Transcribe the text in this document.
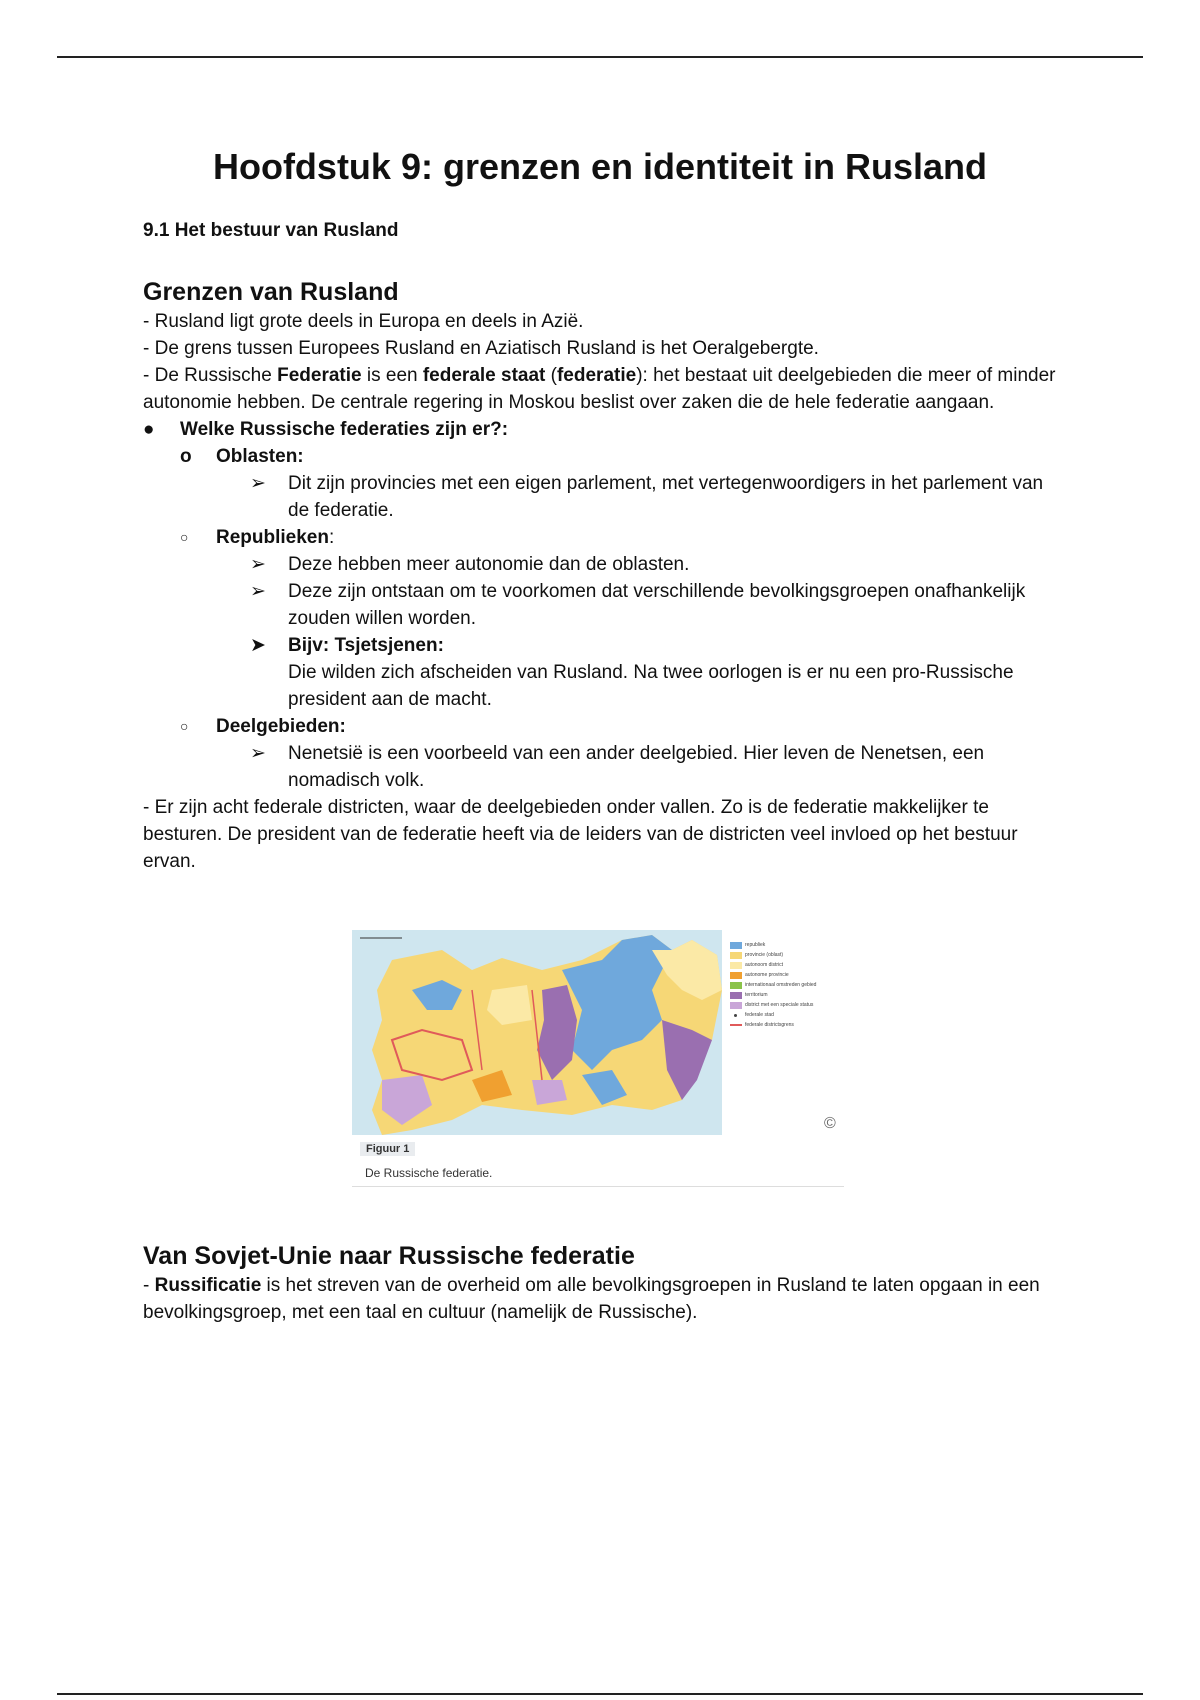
Hoofdstuk 9: grenzen en identiteit in Rusland
9.1 Het bestuur van Rusland
Grenzen van Rusland

- Rusland ligt grote deels in Europa en deels in Azië.

- De grens tussen Europees Rusland en Aziatisch Rusland is het Oeralgebergte.

- De Russische Federatie is een federale staat (federatie): het bestaat uit deelgebieden die meer of minder autonomie hebben. De centrale regering in Moskou beslist over zaken die de hele federatie aangaan.

● Welke Russische federaties zijn er?:
o Oblasten:
➢ Dit zijn provincies met een eigen parlement, met vertegenwoordigers in het parlement van de federatie.
○ Republieken:
➢ Deze hebben meer autonomie dan de oblasten.
➢ Deze zijn ontstaan om te voorkomen dat verschillende bevolkingsgroepen onafhankelijk zouden willen worden.
➤ Bijv: Tsjetsjenen:

Die wilden zich afscheiden van Rusland. Na twee oorlogen is er nu een pro-Russische president aan de macht.

○ Deelgebieden:
➢ Nenetsië is een voorbeeld van een ander deelgebied. Hier leven de Nenetsen, een nomadisch volk.

- Er zijn acht federale districten, waar de deelgebieden onder vallen. Zo is de federatie makkelijker te besturen. De president van de federatie heeft via de leiders van de districten veel invloed op het bestuur ervan.

republiek
provincie (oblast)
autonoom district
autonome provincie
internationaal omstreden gebied
territorium
district met een speciale status
federale stad
federale districtsgrens
©
Figuur 1
De Russische federatie.
Van Sovjet-Unie naar Russische federatie

- Russificatie is het streven van de overheid om alle bevolkingsgroepen in Rusland te laten opgaan in een bevolkingsgroep, met een taal en cultuur (namelijk de Russische).
